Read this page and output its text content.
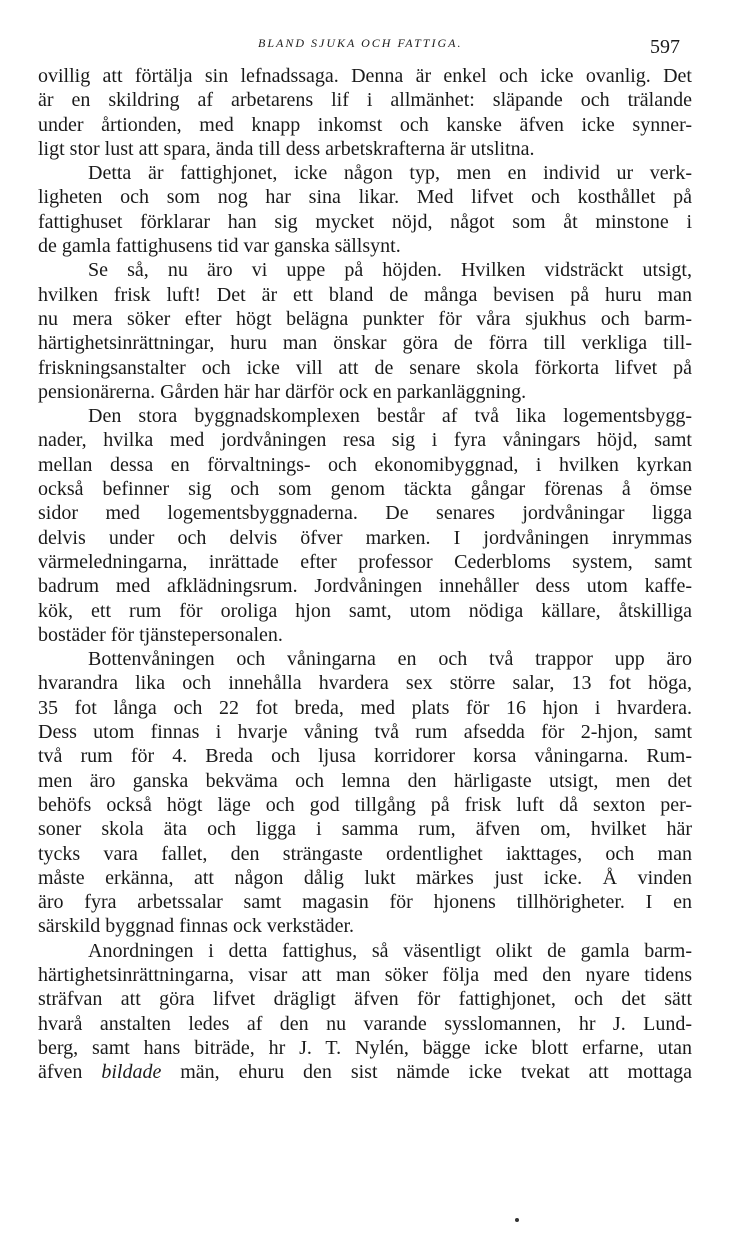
BLAND SJUKA OCH FATTIGA.	597
ovillig att förtälja sin lefnadssaga. Denna är enkel och icke ovanlig. Det
är en skildring af arbetarens lif i allmänhet: släpande och trälande
under årtionden, med knapp inkomst och kanske äfven icke synner-
ligt stor lust att spara, ända till dess arbetskrafterna är utslitna.
Detta är fattighjonet, icke någon typ, men en individ ur verk-
ligheten och som nog har sina likar. Med lifvet och kosthållet på
fattighuset förklarar han sig mycket nöjd, något som åt minstone i
de gamla fattighusens tid var ganska sällsynt.
Se så, nu äro vi uppe på höjden. Hvilken vidsträckt utsigt,
hvilken frisk luft! Det är ett bland de många bevisen på huru man
nu mera söker efter högt belägna punkter för våra sjukhus och barm-
härtighetsinrättningar, huru man önskar göra de förra till verkliga till-
friskningsanstalter och icke vill att de senare skola förkorta lifvet på
pensionärerna. Gården här har därför ock en parkanläggning.
Den stora byggnadskomplexen består af två lika logementsbygg-
nader, hvilka med jordvåningen resa sig i fyra våningars höjd, samt
mellan dessa en förvaltnings- och ekonomibyggnad, i hvilken kyrkan
också befinner sig och som genom täckta gångar förenas å ömse
sidor med logementsbyggnaderna. De senares jordvåningar ligga
delvis under och delvis öfver marken. I jordvåningen inrymmas
värmeledningarna, inrättade efter professor Cederbloms system, samt
badrum med afklädningsrum. Jordvåningen innehåller dess utom kaffe-
kök, ett rum för oroliga hjon samt, utom nödiga källare, åtskilliga
bostäder för tjänstepersonalen.
Bottenvåningen och våningarna en och två trappor upp äro
hvarandra lika och innehålla hvardera sex större salar, 13 fot höga,
35 fot långa och 22 fot breda, med plats för 16 hjon i hvardera.
Dess utom finnas i hvarje våning två rum afsedda för 2-hjon, samt
två rum för 4. Breda och ljusa korridorer korsa våningarna. Rum-
men äro ganska bekväma och lemna den härligaste utsigt, men det
behöfs också högt läge och god tillgång på frisk luft då sexton per-
soner skola äta och ligga i samma rum, äfven om, hvilket här
tycks vara fallet, den strängaste ordentlighet iakttages, och man
måste erkänna, att någon dålig lukt märkes just icke. Å vinden
äro fyra arbetssalar samt magasin för hjonens tillhörigheter. I en
särskild byggnad finnas ock verkstäder.
Anordningen i detta fattighus, så väsentligt olikt de gamla barm-
härtighetsinrättningarna, visar att man söker följa med den nyare tidens
sträfvan att göra lifvet drägligt äfven för fattighjonet, och det sätt
hvarå anstalten ledes af den nu varande sysslomannen, hr J. Lund-
berg, samt hans biträde, hr J. T. Nylén, bägge icke blott erfarne, utan
äfven bildade män, ehuru den sist nämde icke tvekat att mottaga
